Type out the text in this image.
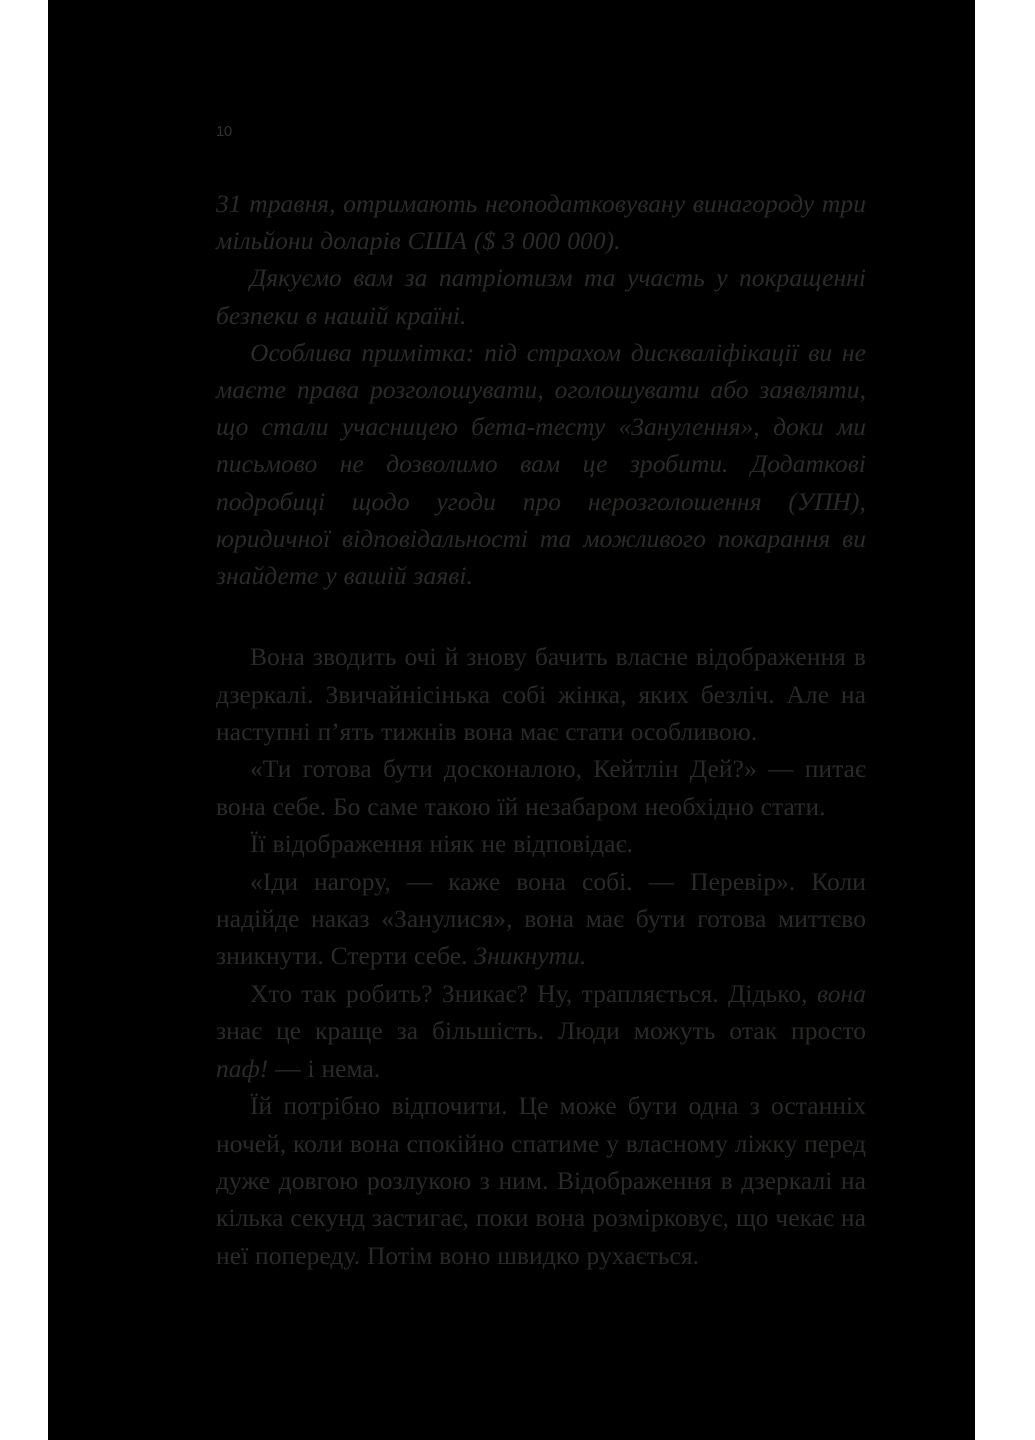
10

31 травня, отримають неоподатковувану винагороду три мільйони доларів США ($ 3 000 000).

Дякуємо вам за патріотизм та участь у покращенні безпеки в нашій країні.

Особлива примітка: під страхом дискваліфікації ви не маєте права розголошувати, оголошувати або заявляти, що стали учасницею бета-тесту «Занулення», доки ми письмово не дозволимо вам це зробити. Додаткові подробиці щодо угоди про нерозголошення (УПН), юридичної відповідальності та можливого покарання ви знайдете у вашій заяві.

Вона зводить очі й знову бачить власне відображення в дзеркалі. Звичайнісінька собі жінка, яких безліч. Але на наступні п’ять тижнів вона має стати особливою.

«Ти готова бути досконалою, Кейтлін Дей?» — питає вона себе. Бо саме такою їй незабаром необхідно стати.

Її відображення ніяк не відповідає.

«Іди нагору, — каже вона собі. — Перевір». Коли надійде наказ «Занулися», вона має бути готова миттєво зникнути. Стерти себе. Зникнути.

Хто так робить? Зникає? Ну, трапляється. Дідько, вона знає це краще за більшість. Люди можуть отак просто паф! — і нема.

Їй потрібно відпочити. Це може бути одна з останніх ночей, коли вона спокійно спатиме у власному ліжку перед дуже довгою розлукою з ним. Відображення в дзеркалі на кілька секунд застигає, поки вона розмірковує, що чекає на неї попереду. Потім воно швидко рухається.
